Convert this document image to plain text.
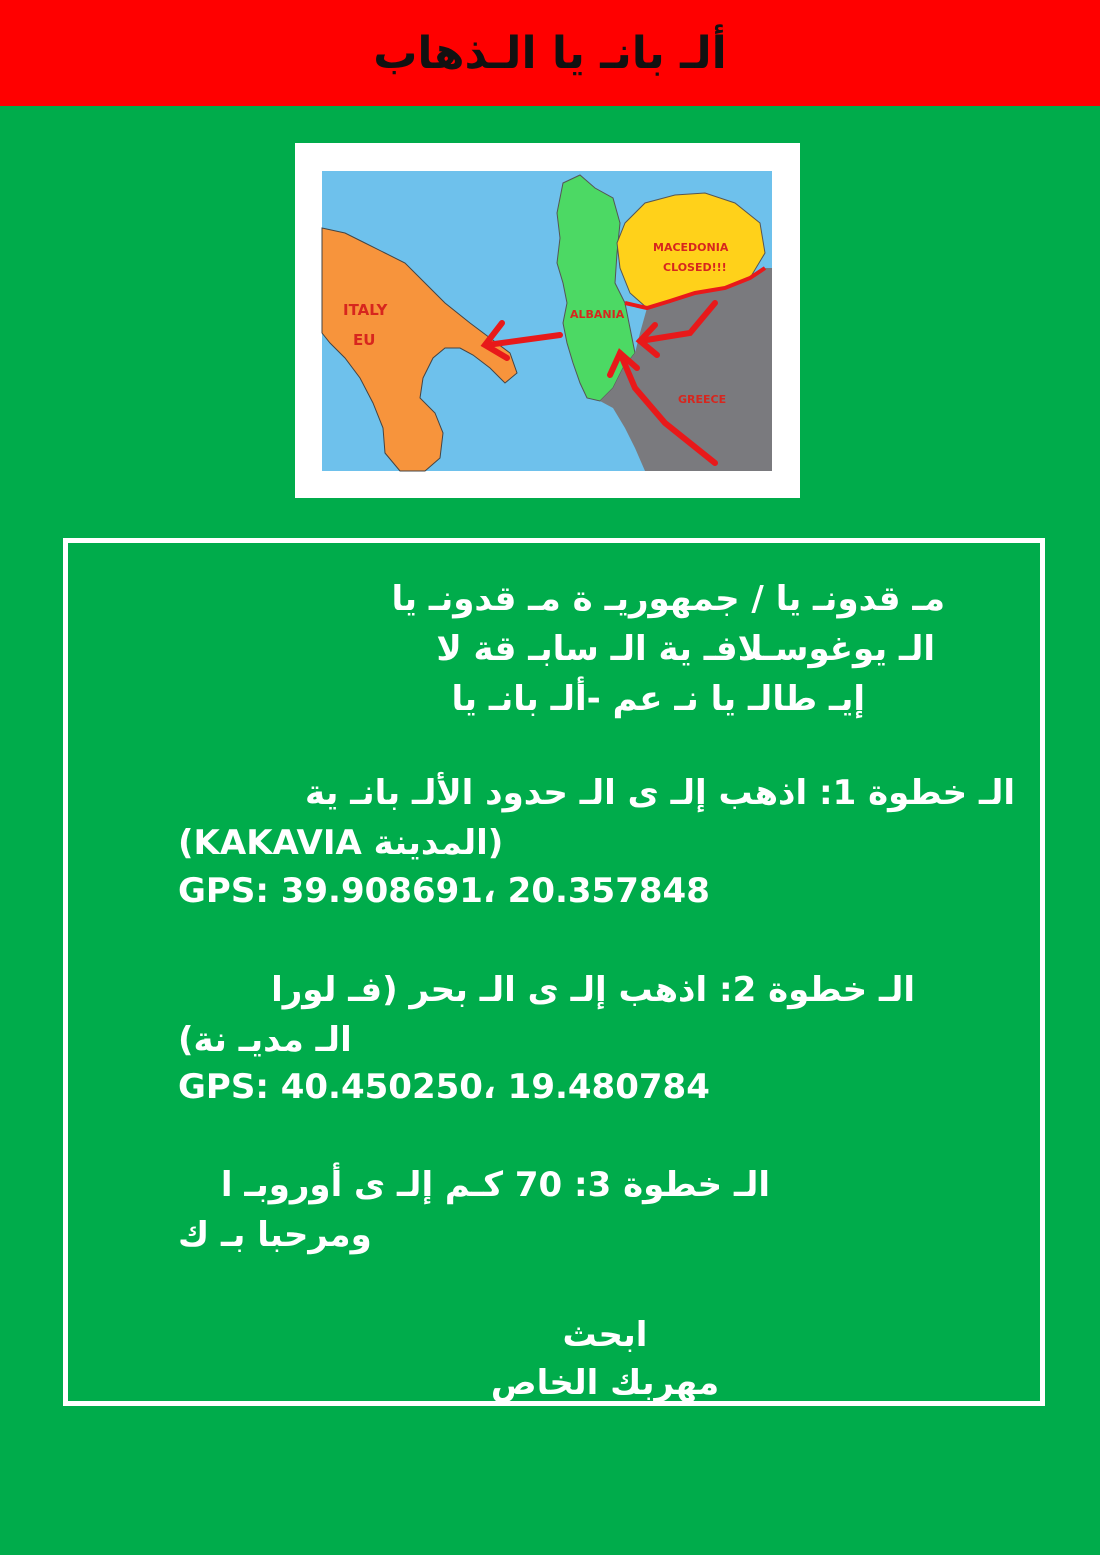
ألـ بانـ يا الـذهاب
ITALY
EU
ALBANIA
MACEDONIA
CLOSED!!!
GREECE
مـ قدونـ يا / جمهوريـ ة مـ قدونـ يا
الـ يوغوسـلافـ ية الـ سابـ قة لا
إيـ طالـ يا نـ عم -ألـ بانـ يا
الـ خطوة 1: اذهب إلـ ى الـ حدود الألـ بانـ ية
(KAKAVIA المدينة)
GPS: 39.908691، 20.357848
الـ خطوة 2: اذهب إلـ ى الـ بحر (فـ لورا
الـ مديـ نة)
GPS: 40.450250، 19.480784
الـ خطوة 3: 70 كـم إلـ ى أوروبـ ا
ومرحبا بـ ك
ابحث
مهربك الخاص
